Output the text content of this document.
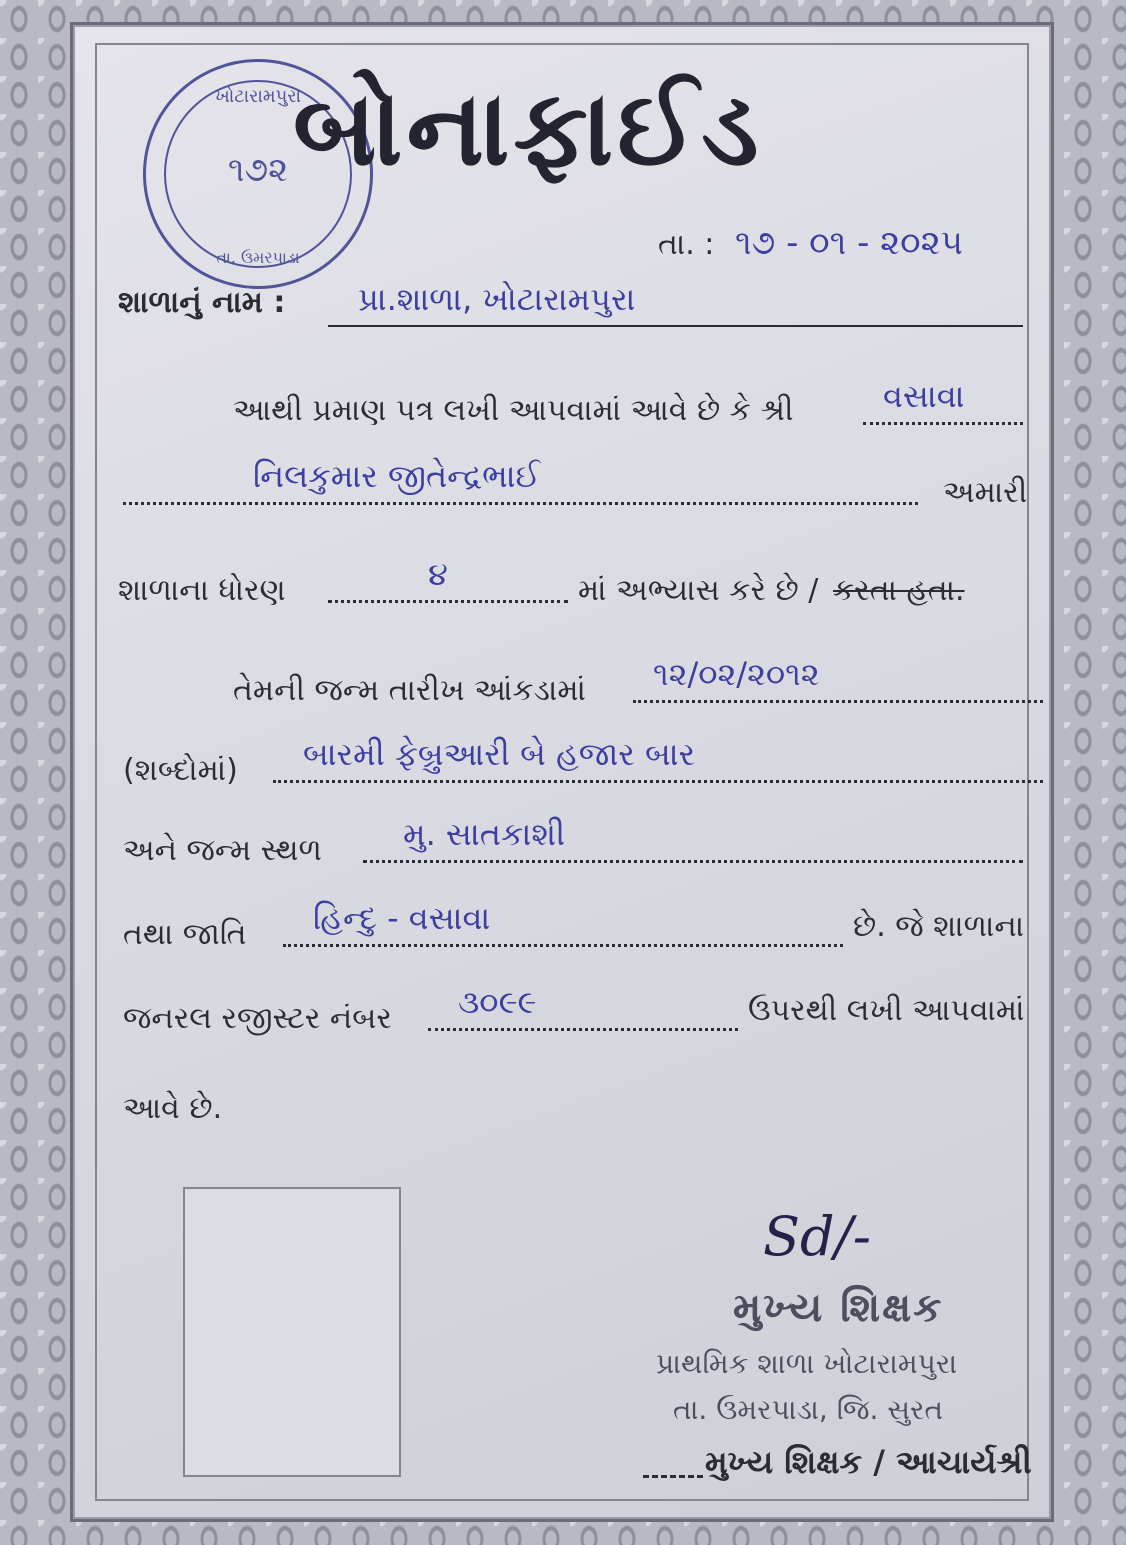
ખોટારામપુરા
૧૭૨
તા. ઉમરપાડા
બોનાફાઈડ
તા. : ૧૭ - ૦૧ - ૨૦૨૫
શાળાનું નામ : પ્રા.શાળા, ખોટારામપુરા
આથી પ્રમાણ પત્ર લખી આપવામાં આવે છે કે શ્રી	વસાવા
નિલકુમાર જીતેન્દ્રભાઈ	અમારી
શાળાના ધોરણ	૪	માં અભ્યાસ કરે છે / કરતા હતા.
તેમની જન્મ તારીખ આંકડામાં ૧૨/૦૨/૨૦૧૨
(શબ્દોમાં) બારમી ફેબ્રુઆરી બે હજાર બાર
અને જન્મ સ્થળ	મુ. સાતકાશી
તથા જાતિ હિન્દુ - વસાવા	છે. જે શાળાના
જનરલ રજીસ્ટર નંબર ૩૦૯૯	ઉપરથી લખી આપવામાં
આવે છે.
Sd/-
મુખ્ય શિક્ષક
પ્રાથમિક શાળા ખોટારામપુરા
તા. ઉમરપાડા, જિ. સુરત
મુખ્ય શિક્ષક / આચાર્યશ્રી
